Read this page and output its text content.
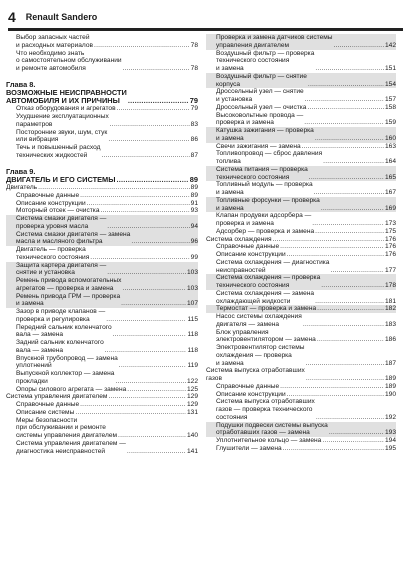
4 Renault Sandero
Выбор запасных частей
и расходных материалов .....	78
Что необходимо знать
о самостоятельном обслуживании
и ремонте автомобиля .....	78
Глава 8.
ВОЗМОЖНЫЕ НЕИСПРАВНОСТИ
АВТОМОБИЛЯ И ИХ ПРИЧИНЫ .....	79
Отказ оборудования и агрегатов .....	79
Ухудшение эксплуатационных
параметров .....	83
Посторонние звуки, шум, стук
или вибрация .....	86
Течь и повышенный расход
технических жидкостей .....	87
Глава 9.
ДВИГАТЕЛЬ И ЕГО СИСТЕМЫ .....	89
Двигатель .....	89
Справочные данные .....	89
Описание конструкции .....	91
Моторный отсек — очистка .....	93
Система смазки двигателя —
проверка уровня масла .....	94
Система смазки двигателя — замена
масла и масляного фильтра .....	96
Двигатель — проверка
технического состояния .....	99
Защита картера двигателя —
снятие и установка .....	103
Ремень привода вспомогательных
агрегатов — проверка и замена .....	103
Ремень привода ГРМ — проверка
и замена .....	107
Зазор в приводе клапанов —
проверка и регулировка .....	115
Передний сальник коленчатого
вала — замена .....	118
Задний сальник коленчатого
вала — замена .....	118
Впускной трубопровод — замена
уплотнений .....	119
Выпускной коллектор — замена
прокладки .....	122
Опоры силового агрегата — замена .....	125
Система управления двигателем .....	129
Справочные данные .....	129
Описание системы .....	131
Меры безопасности
при обслуживании и ремонте
системы управления двигателем .....	140
Система управления двигателем —
диагностика неисправностей .....	141
Проверка и замена датчиков системы
управления двигателем .....	142
Воздушный фильтр — проверка
технического состояния
и замена .....	151
Воздушный фильтр — снятие
корпуса .....	154
Дроссельный узел — снятие
и установка .....	157
Дроссельный узел — очистка .....	158
Высоковольтные провода —
проверка и замена .....	159
Катушка зажигания — проверка
и замена .....	160
Свечи зажигания — замена .....	163
Топливопровод — сброс давления
топлива .....	164
Система питания — проверка
технического состояния .....	165
Топливный модуль — проверка
и замена .....	167
Топливные форсунки — проверка
и замена .....	169
Клапан продувки адсорбера —
проверка и замена .....	173
Адсорбер — проверка и замена .....	175
Система охлаждения .....	176
Справочные данные .....	176
Описание конструкции .....	176
Система охлаждения — диагностика
неисправностей .....	177
Система охлаждения — проверка
технического состояния .....	178
Система охлаждения — замена
охлаждающей жидкости .....	181
Термостат — проверка и замена .....	182
Насос системы охлаждения
двигателя — замена .....	183
Блок управления
электровентилятором — замена .....	186
Электровентилятор системы
охлаждения — проверка
и замена .....	187
Система выпуска отработавших
газов .....	189
Справочные данные .....	189
Описание конструкции .....	190
Система выпуска отработавших
газов — проверка технического
состояния .....	192
Подушки подвески системы выпуска
отработавших газов — замена .....	193
Уплотнительное кольцо — замена .....	194
Глушители — замена .....	195
